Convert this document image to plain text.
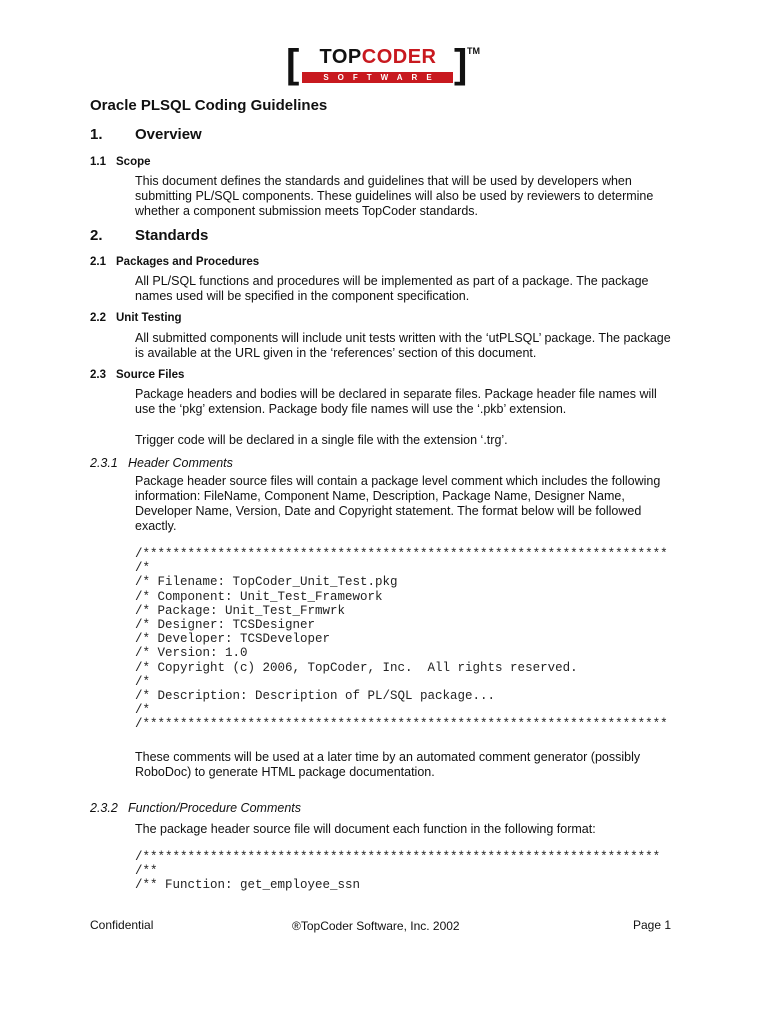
[	TOPCODER ]
SOFTWARE
TM
Oracle PLSQL Coding Guidelines
1. Overview
1.1 Scope
This document defines the standards and guidelines that will be used by developers when submitting PL/SQL components. These guidelines will also be used by reviewers to determine whether a component submission meets TopCoder standards.
2. Standards
2.1 Packages and Procedures
All PL/SQL functions and procedures will be implemented as part of a package. The package names used will be specified in the component specification.
2.2 Unit Testing
All submitted components will include unit tests written with the ‘utPLSQL’ package. The package is available at the URL given in the ‘references’ section of this document.
2.3 Source Files
Package headers and bodies will be declared in separate files. Package header file names will use the ‘pkg’ extension. Package body file names will use the ‘.pkb’ extension.
Trigger code will be declared in a single file with the extension ‘.trg’.
2.3.1 Header Comments
Package header source files will contain a package level comment which includes the following information: FileName, Component Name, Description, Package Name, Designer Name, Developer Name, Version, Date and Copyright statement. The format below will be followed exactly.
/**********************************************************************
/*
/* Filename: TopCoder_Unit_Test.pkg
/* Component: Unit_Test_Framework
/* Package: Unit_Test_Frmwrk
/* Designer: TCSDesigner
/* Developer: TCSDeveloper
/* Version: 1.0
/* Copyright (c) 2006, TopCoder, Inc.  All rights reserved.
/*
/* Description: Description of PL/SQL package...
/*
/**********************************************************************
These comments will be used at a later time by an automated comment generator (possibly RoboDoc) to generate HTML package documentation.
2.3.2 Function/Procedure Comments
The package header source file will document each function in the following format:
/*********************************************************************
/**
/** Function: get_employee_ssn
Confidential	®TopCoder Software, Inc. 2002	Page 1
